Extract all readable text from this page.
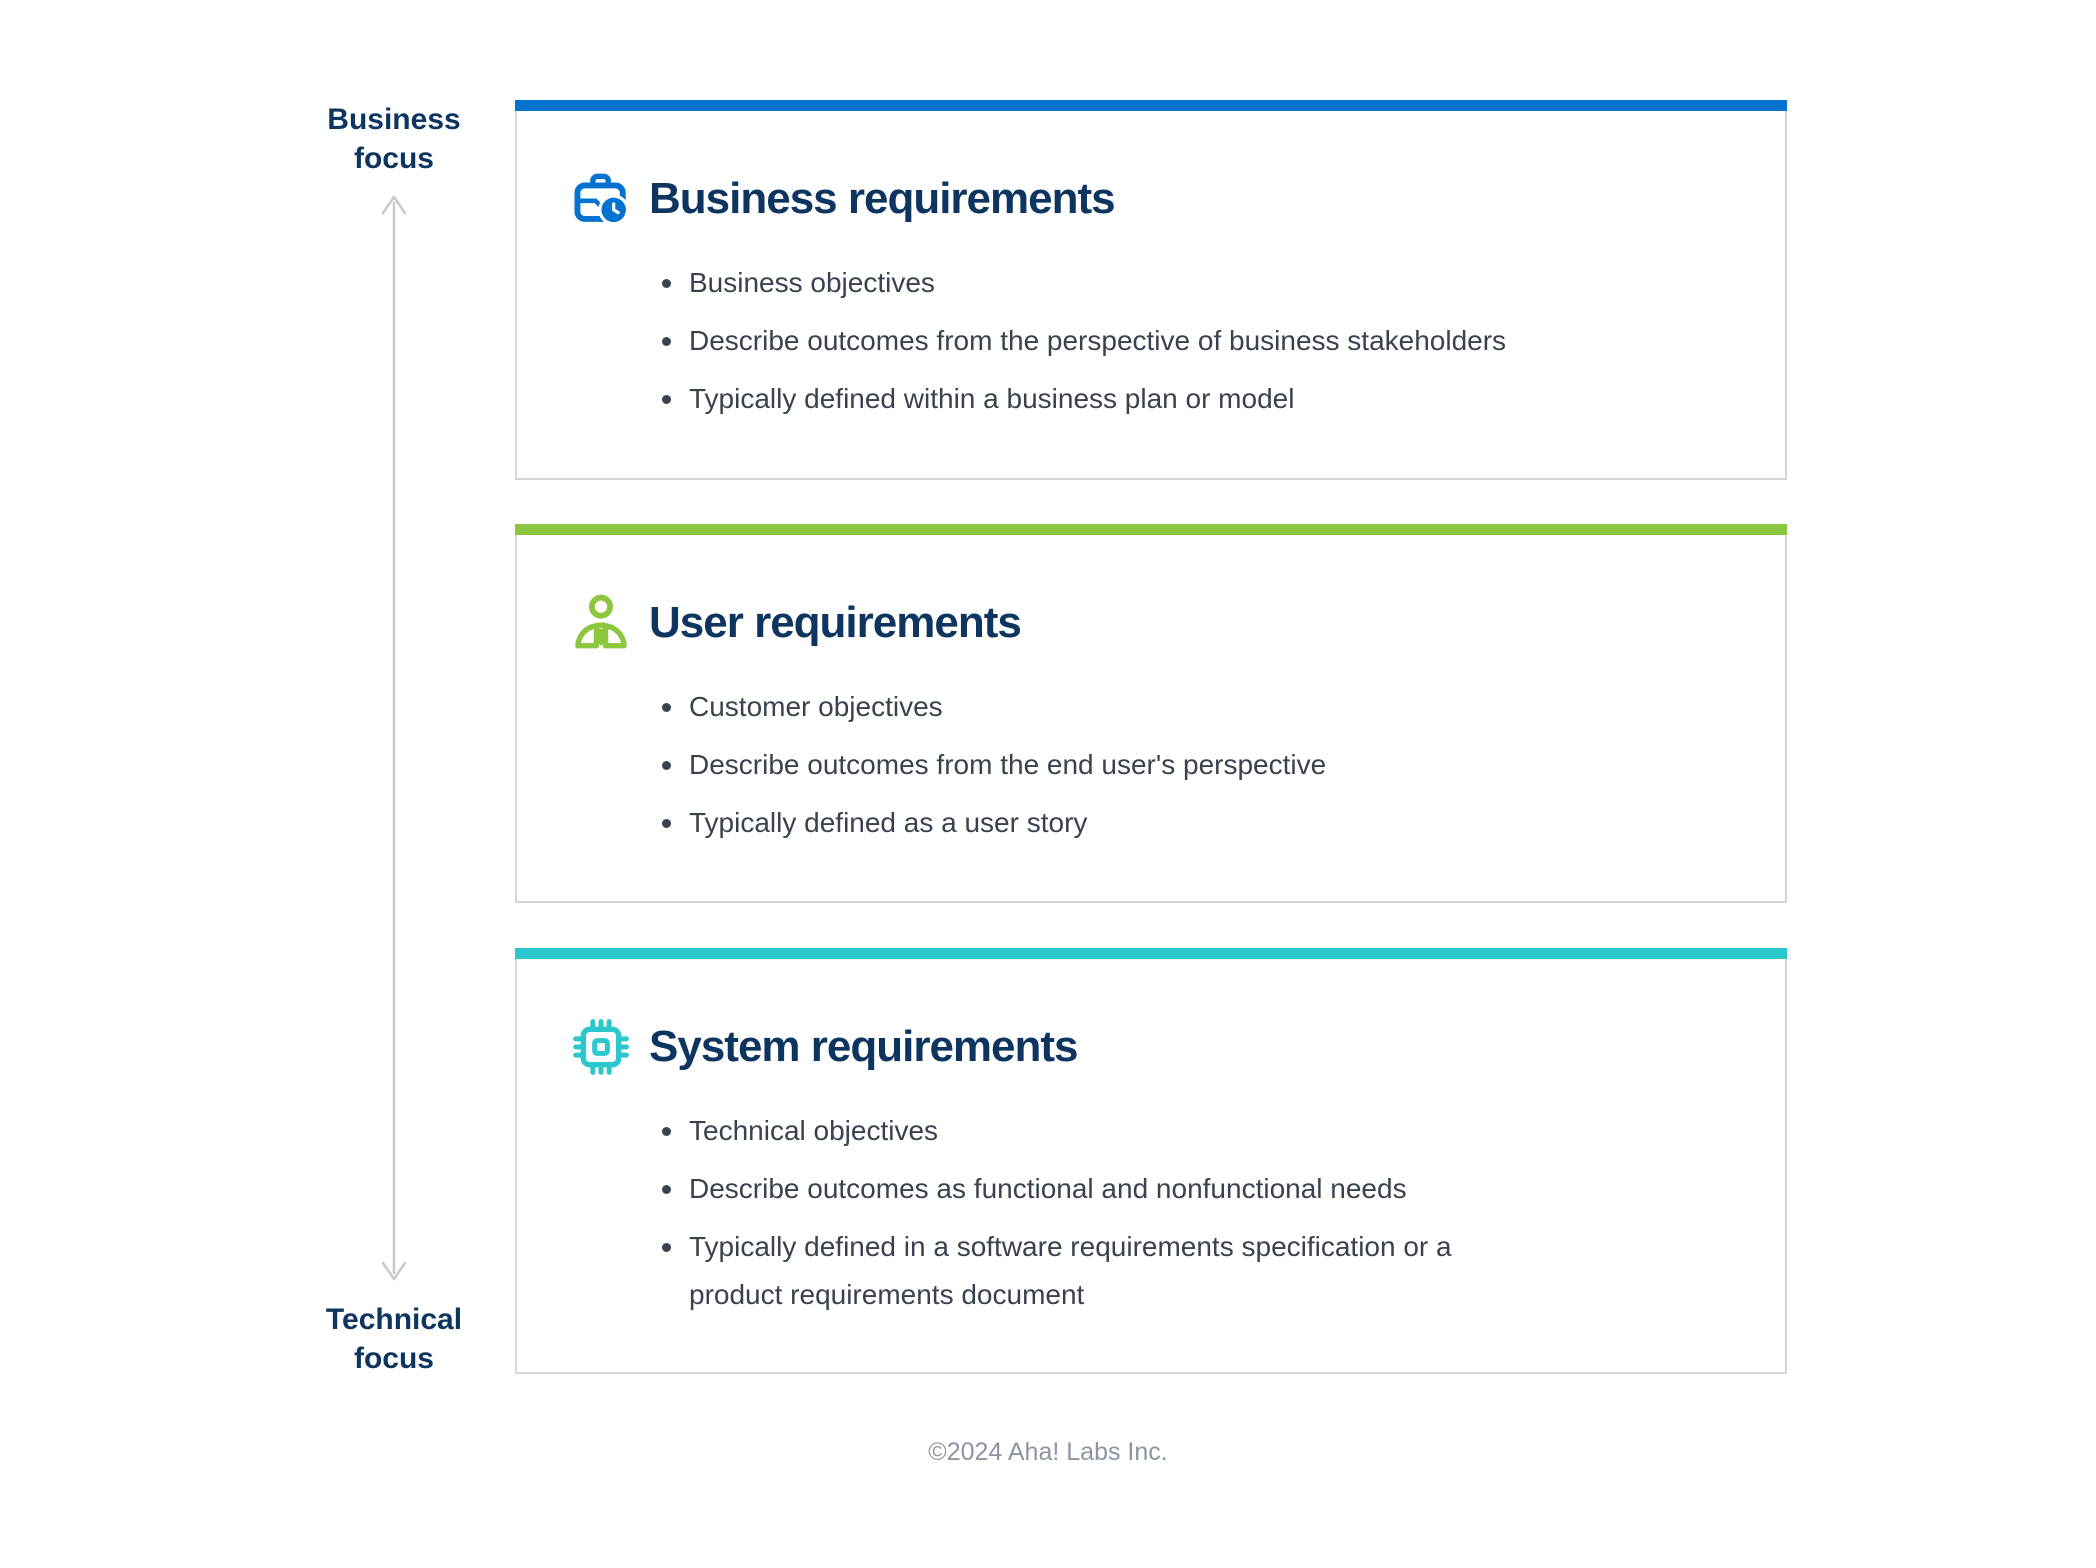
Business focus
Technical focus
Business requirements
Business objectives
Describe outcomes from the perspective of business stakeholders
Typically defined within a business plan or model
User requirements
Customer objectives
Describe outcomes from the end user's perspective
Typically defined as a user story
System requirements
Technical objectives
Describe outcomes as functional and nonfunctional needs
Typically defined in a software requirements specification or a product requirements document
©2024 Aha! Labs Inc.
